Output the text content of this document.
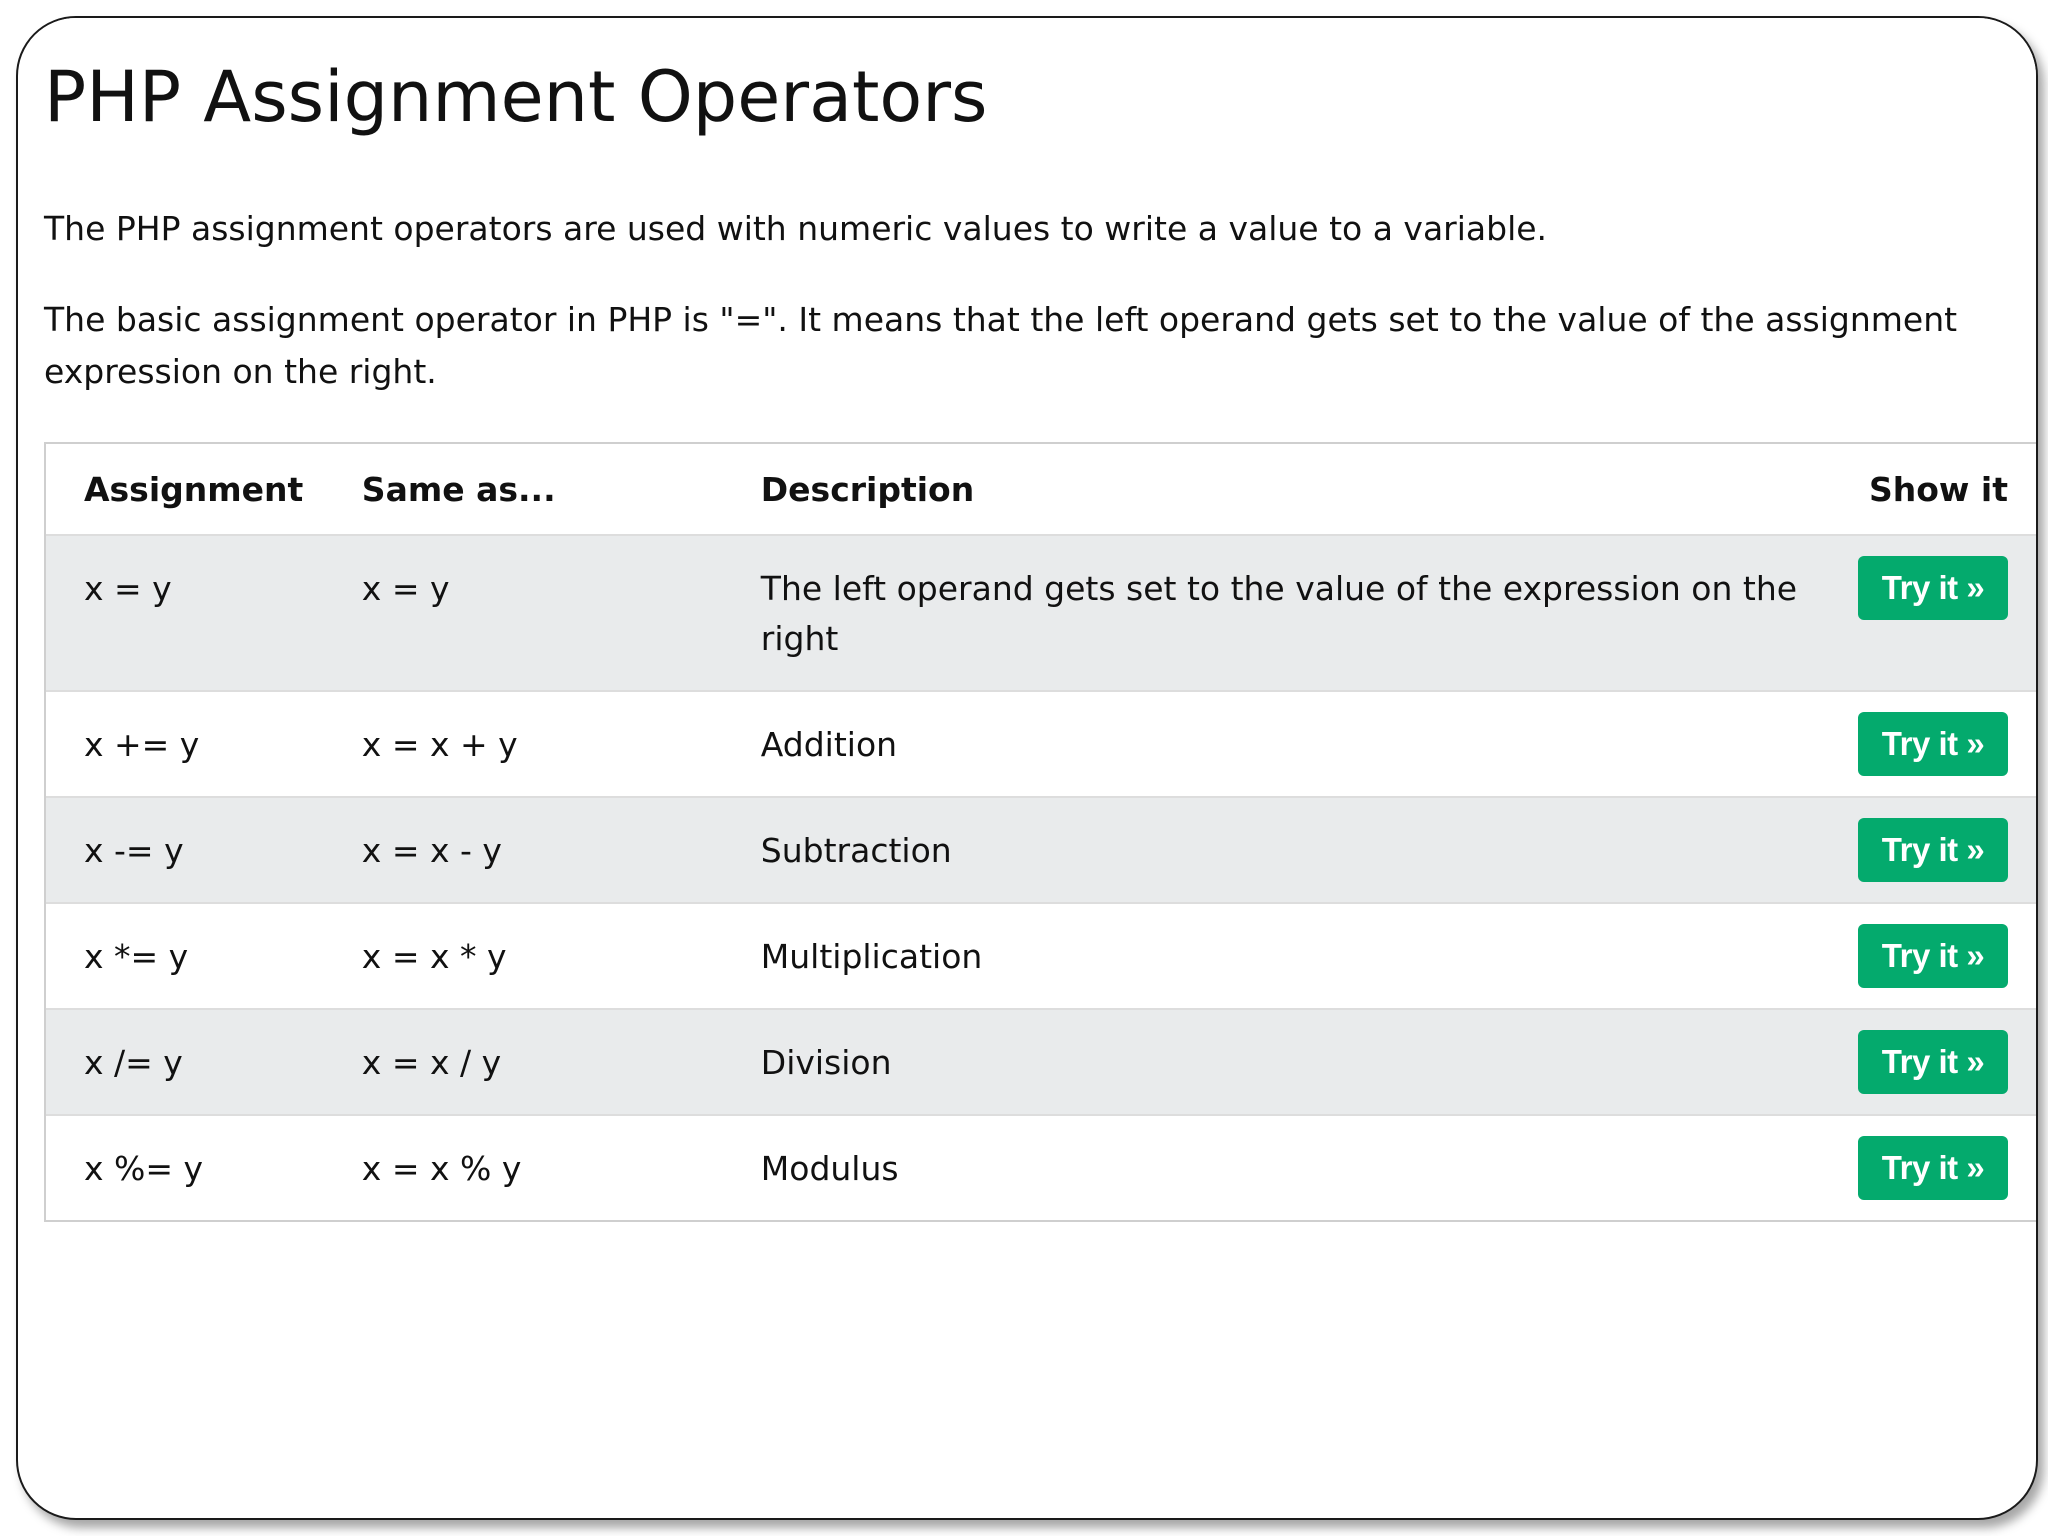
PHP Assignment Operators

The PHP assignment operators are used with numeric values to write a value to a variable.

The basic assignment operator in PHP is "=". It means that the left operand gets set to the value of the assignment expression on the right.

Assignment	Same as...	Description	Show it

x = y	x = y	The left operand gets set to the value of the expression on the right	Try it »

x += y	x = x + y	Addition	Try it »

x -= y	x = x - y	Subtraction	Try it »

x *= y	x = x * y	Multiplication	Try it »

x /= y	x = x / y	Division	Try it »

x %= y	x = x % y	Modulus	Try it »
